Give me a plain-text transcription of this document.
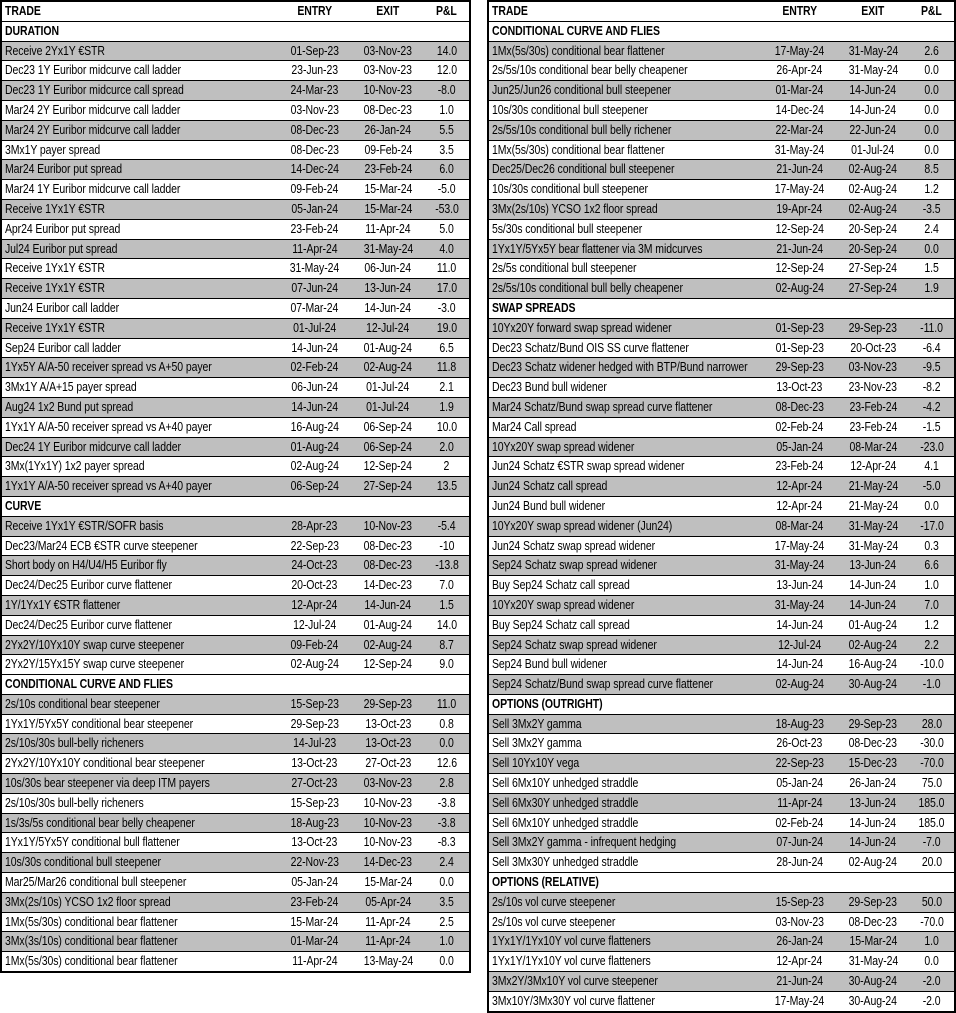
TRADE	ENTRY	EXIT	P&L
DURATION			
Receive 2Yx1Y €STR	01-Sep-23	03-Nov-23	14.0
Dec23 1Y Euribor midcurve call ladder	23-Jun-23	03-Nov-23	12.0
Dec23 1Y Euribor midcurce call spread	24-Mar-23	10-Nov-23	-8.0
Mar24 2Y Euribor midcurve call ladder	03-Nov-23	08-Dec-23	1.0
Mar24 2Y Euribor midcurve call ladder	08-Dec-23	26-Jan-24	5.5
3Mx1Y payer spread	08-Dec-23	09-Feb-24	3.5
Mar24 Euribor put spread	14-Dec-24	23-Feb-24	6.0
Mar24 1Y Euribor midcurve call ladder	09-Feb-24	15-Mar-24	-5.0
Receive 1Yx1Y €STR	05-Jan-24	15-Mar-24	-53.0
Apr24 Euribor put spread	23-Feb-24	11-Apr-24	5.0
Jul24 Euribor put spread	11-Apr-24	31-May-24	4.0
Receive 1Yx1Y €STR	31-May-24	06-Jun-24	11.0
Receive 1Yx1Y €STR	07-Jun-24	13-Jun-24	17.0
Jun24 Euribor call ladder	07-Mar-24	14-Jun-24	-3.0
Receive 1Yx1Y €STR	01-Jul-24	12-Jul-24	19.0
Sep24 Euribor call ladder	14-Jun-24	01-Aug-24	6.5
1Yx5Y A/A-50 receiver spread vs A+50 payer	02-Feb-24	02-Aug-24	11.8
3Mx1Y A/A+15 payer spread	06-Jun-24	01-Jul-24	2.1
Aug24 1x2 Bund put spread	14-Jun-24	01-Jul-24	1.9
1Yx1Y A/A-50 receiver spread vs A+40 payer	16-Aug-24	06-Sep-24	10.0
Dec24 1Y Euribor midcurve call ladder	01-Aug-24	06-Sep-24	2.0
3Mx(1Yx1Y) 1x2 payer spread	02-Aug-24	12-Sep-24	2
1Yx1Y A/A-50 receiver spread vs A+40 payer	06-Sep-24	27-Sep-24	13.5
CURVE			
Receive 1Yx1Y €STR/SOFR basis	28-Apr-23	10-Nov-23	-5.4
Dec23/Mar24 ECB €STR curve steepener	22-Sep-23	08-Dec-23	-10
Short body on H4/U4/H5 Euribor fly	24-Oct-23	08-Dec-23	-13.8
Dec24/Dec25 Euribor curve flattener	20-Oct-23	14-Dec-23	7.0
1Y/1Yx1Y €STR flattener	12-Apr-24	14-Jun-24	1.5
Dec24/Dec25 Euribor curve flattener	12-Jul-24	01-Aug-24	14.0
2Yx2Y/10Yx10Y swap curve steepener	09-Feb-24	02-Aug-24	8.7
2Yx2Y/15Yx15Y swap curve steepener	02-Aug-24	12-Sep-24	9.0
CONDITIONAL CURVE AND FLIES			
2s/10s conditional bear steepener	15-Sep-23	29-Sep-23	11.0
1Yx1Y/5Yx5Y conditional bear steepener	29-Sep-23	13-Oct-23	0.8
2s/10s/30s bull-belly richeners	14-Jul-23	13-Oct-23	0.0
2Yx2Y/10Yx10Y conditional bear steepener	13-Oct-23	27-Oct-23	12.6
10s/30s bear steepener via deep ITM payers	27-Oct-23	03-Nov-23	2.8
2s/10s/30s bull-belly richeners	15-Sep-23	10-Nov-23	-3.8
1s/3s/5s conditional bear belly cheapener	18-Aug-23	10-Nov-23	-3.8
1Yx1Y/5Yx5Y conditional bull flattener	13-Oct-23	10-Nov-23	-8.3
10s/30s conditional bull steepener	22-Nov-23	14-Dec-23	2.4
Mar25/Mar26 conditional bull steepener	05-Jan-24	15-Mar-24	0.0
3Mx(2s/10s) YCSO 1x2 floor spread	23-Feb-24	05-Apr-24	3.5
1Mx(5s/30s) conditional bear flattener	15-Mar-24	11-Apr-24	2.5
3Mx(3s/10s) conditional bear flattener	01-Mar-24	11-Apr-24	1.0
1Mx(5s/30s) conditional bear flattener	11-Apr-24	13-May-24	0.0
TRADE	ENTRY	EXIT	P&L
CONDITIONAL CURVE AND FLIES			
1Mx(5s/30s) conditional bear flattener	17-May-24	31-May-24	2.6
2s/5s/10s conditional bear belly cheapener	26-Apr-24	31-May-24	0.0
Jun25/Jun26 conditional bull steepener	01-Mar-24	14-Jun-24	0.0
10s/30s conditional bull steepener	14-Dec-24	14-Jun-24	0.0
2s/5s/10s conditional bull belly richener	22-Mar-24	22-Jun-24	0.0
1Mx(5s/30s) conditional bear flattener	31-May-24	01-Jul-24	0.0
Dec25/Dec26 conditional bull steepener	21-Jun-24	02-Aug-24	8.5
10s/30s conditional bull steepener	17-May-24	02-Aug-24	1.2
3Mx(2s/10s) YCSO 1x2 floor spread	19-Apr-24	02-Aug-24	-3.5
5s/30s conditional bull steepener	12-Sep-24	20-Sep-24	2.4
1Yx1Y/5Yx5Y bear flattener via 3M midcurves	21-Jun-24	20-Sep-24	0.0
2s/5s conditional bull steepener	12-Sep-24	27-Sep-24	1.5
2s/5s/10s conditional bull belly cheapener	02-Aug-24	27-Sep-24	1.9
SWAP SPREADS			
10Yx20Y forward swap spread widener	01-Sep-23	29-Sep-23	-11.0
Dec23 Schatz/Bund OIS SS curve flattener	01-Sep-23	20-Oct-23	-6.4
Dec23 Schatz widener hedged with BTP/Bund narrower	29-Sep-23	03-Nov-23	-9.5
Dec23 Bund bull widener	13-Oct-23	23-Nov-23	-8.2
Mar24 Schatz/Bund swap spread curve flattener	08-Dec-23	23-Feb-24	-4.2
Mar24 Call spread	02-Feb-24	23-Feb-24	-1.5
10Yx20Y swap spread widener	05-Jan-24	08-Mar-24	-23.0
Jun24 Schatz €STR swap spread widener	23-Feb-24	12-Apr-24	4.1
Jun24 Schatz call spread	12-Apr-24	21-May-24	-5.0
Jun24 Bund bull widener	12-Apr-24	21-May-24	0.0
10Yx20Y swap spread widener (Jun24)	08-Mar-24	31-May-24	-17.0
Jun24 Schatz swap spread widener	17-May-24	31-May-24	0.3
Sep24 Schatz swap spread widener	31-May-24	13-Jun-24	6.6
Buy Sep24 Schatz call spread	13-Jun-24	14-Jun-24	1.0
10Yx20Y swap spread widener	31-May-24	14-Jun-24	7.0
Buy Sep24 Schatz call spread	14-Jun-24	01-Aug-24	1.2
Sep24 Schatz swap spread widener	12-Jul-24	02-Aug-24	2.2
Sep24 Bund bull widener	14-Jun-24	16-Aug-24	-10.0
Sep24 Schatz/Bund swap spread curve flattener	02-Aug-24	30-Aug-24	-1.0
OPTIONS (OUTRIGHT)			
Sell 3Mx2Y gamma	18-Aug-23	29-Sep-23	28.0
Sell 3Mx2Y gamma	26-Oct-23	08-Dec-23	-30.0
Sell 10Yx10Y vega	22-Sep-23	15-Dec-23	-70.0
Sell 6Mx10Y unhedged straddle	05-Jan-24	26-Jan-24	75.0
Sell 6Mx30Y unhedged straddle	11-Apr-24	13-Jun-24	185.0
Sell 6Mx10Y unhedged straddle	02-Feb-24	14-Jun-24	185.0
Sell 3Mx2Y gamma - infrequent hedging	07-Jun-24	14-Jun-24	-7.0
Sell 3Mx30Y unhedged straddle	28-Jun-24	02-Aug-24	20.0
OPTIONS (RELATIVE)			
2s/10s vol curve steepener	15-Sep-23	29-Sep-23	50.0
2s/10s vol curve steepener	03-Nov-23	08-Dec-23	-70.0
1Yx1Y/1Yx10Y vol curve flatteners	26-Jan-24	15-Mar-24	1.0
1Yx1Y/1Yx10Y vol curve flatteners	12-Apr-24	31-May-24	0.0
3Mx2Y/3Mx10Y vol curve steepener	21-Jun-24	30-Aug-24	-2.0
3Mx10Y/3Mx30Y vol curve flattener	17-May-24	30-Aug-24	-2.0
